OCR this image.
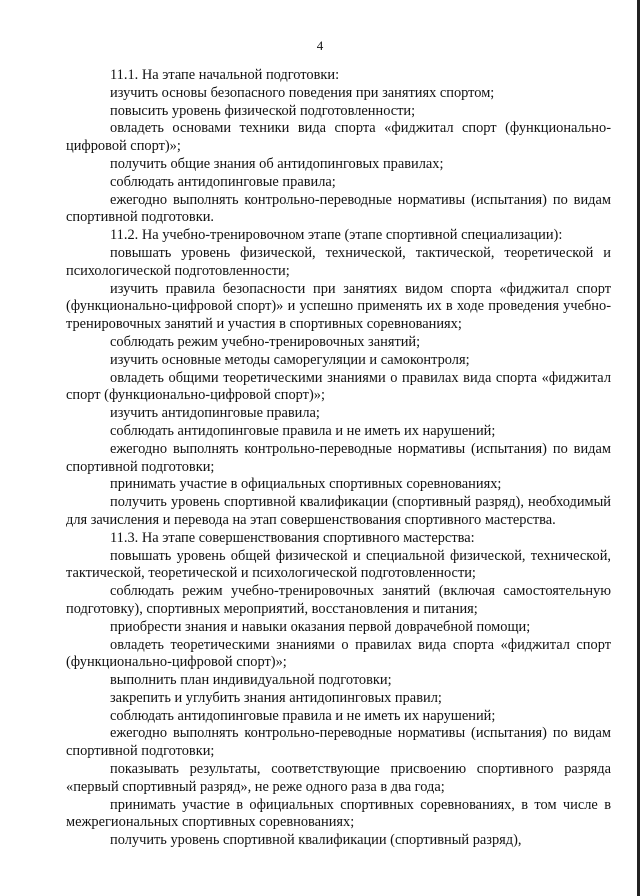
4

11.1. На этапе начальной подготовки:

изучить основы безопасного поведения при занятиях спортом;

повысить уровень физической подготовленности;

овладеть основами техники вида спорта «фиджитал спорт (функционально-цифровой спорт)»;

получить общие знания об антидопинговых правилах;

соблюдать антидопинговые правила;

ежегодно выполнять контрольно-переводные нормативы (испытания) по видам спортивной подготовки.

11.2. На учебно-тренировочном этапе (этапе спортивной специализации):

повышать уровень физической, технической, тактической, теоретической и психологической подготовленности;

изучить правила безопасности при занятиях видом спорта «фиджитал спорт (функционально-цифровой спорт)» и успешно применять их в ходе проведения учебно-тренировочных занятий и участия в спортивных соревнованиях;

соблюдать режим учебно-тренировочных занятий;

изучить основные методы саморегуляции и самоконтроля;

овладеть общими теоретическими знаниями о правилах вида спорта «фиджитал спорт (функционально-цифровой спорт)»;

изучить антидопинговые правила;

соблюдать антидопинговые правила и не иметь их нарушений;

ежегодно выполнять контрольно-переводные нормативы (испытания) по видам спортивной подготовки;

принимать участие в официальных спортивных соревнованиях;

получить уровень спортивной квалификации (спортивный разряд), необходимый для зачисления и перевода на этап совершенствования спортивного мастерства.

11.3. На этапе совершенствования спортивного мастерства:

повышать уровень общей физической и специальной физической, технической, тактической, теоретической и психологической подготовленности;

соблюдать режим учебно-тренировочных занятий (включая самостоятельную подготовку), спортивных мероприятий, восстановления и питания;

приобрести знания и навыки оказания первой доврачебной помощи;

овладеть теоретическими знаниями о правилах вида спорта «фиджитал спорт (функционально-цифровой спорт)»;

выполнить план индивидуальной подготовки;

закрепить и углубить знания антидопинговых правил;

соблюдать антидопинговые правила и не иметь их нарушений;

ежегодно выполнять контрольно-переводные нормативы (испытания) по видам спортивной подготовки;

показывать результаты, соответствующие присвоению спортивного разряда «первый спортивный разряд», не реже одного раза в два года;

принимать участие в официальных спортивных соревнованиях, в том числе в межрегиональных спортивных соревнованиях;

получить уровень спортивной квалификации (спортивный разряд),
